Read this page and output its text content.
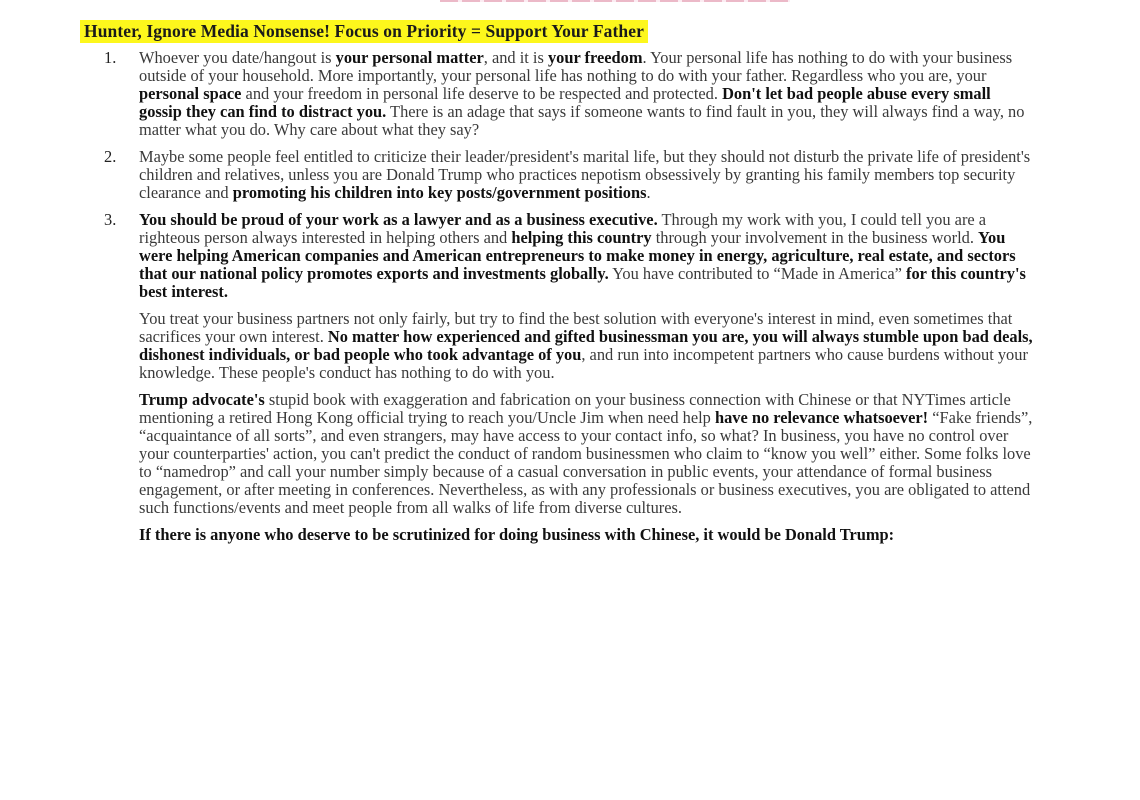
Hunter, Ignore Media Nonsense! Focus on Priority = Support Your Father
1.	Whoever you date/hangout is your personal matter, and it is your freedom. Your personal life has nothing to do with your business outside of your household. More importantly, your personal life has nothing to do with your father. Regardless who you are, your personal space and your freedom in personal life deserve to be respected and protected. Don't let bad people abuse every small gossip they can find to distract you. There is an adage that says if someone wants to find fault in you, they will always find a way, no matter what you do. Why care about what they say?
2.	Maybe some people feel entitled to criticize their leader/president's marital life, but they should not disturb the private life of president's children and relatives, unless you are Donald Trump who practices nepotism obsessively by granting his family members top security clearance and promoting his children into key posts/government positions.
3.	You should be proud of your work as a lawyer and as a business executive. Through my work with you, I could tell you are a righteous person always interested in helping others and helping this country through your involvement in the business world. You were helping American companies and American entrepreneurs to make money in energy, agriculture, real estate, and sectors that our national policy promotes exports and investments globally. You have contributed to “Made in America” for this country's best interest.
You treat your business partners not only fairly, but try to find the best solution with everyone's interest in mind, even sometimes that sacrifices your own interest. No matter how experienced and gifted businessman you are, you will always stumble upon bad deals, dishonest individuals, or bad people who took advantage of you, and run into incompetent partners who cause burdens without your knowledge. These people's conduct has nothing to do with you.
Trump advocate's stupid book with exaggeration and fabrication on your business connection with Chinese or that NYTimes article mentioning a retired Hong Kong official trying to reach you/Uncle Jim when need help have no relevance whatsoever! “Fake friends”, “acquaintance of all sorts”, and even strangers, may have access to your contact info, so what? In business, you have no control over your counterparties' action, you can't predict the conduct of random businessmen who claim to “know you well” either. Some folks love to “namedrop” and call your number simply because of a casual conversation in public events, your attendance of formal business engagement, or after meeting in conferences. Nevertheless, as with any professionals or business executives, you are obligated to attend such functions/events and meet people from all walks of life from diverse cultures.
If there is anyone who deserve to be scrutinized for doing business with Chinese, it would be Donald Trump:
